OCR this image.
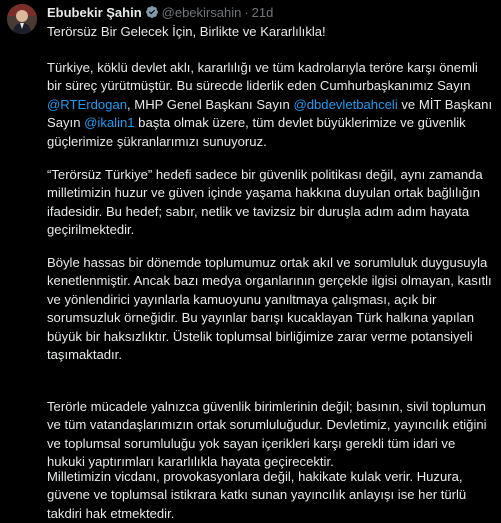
Ebubekir Şahin @ebekirsahin · 21d

Terörsüz Bir Gelecek İçin, Birlikte ve Kararlılıkla!

Türkiye, köklü devlet aklı, kararlılığı ve tüm kadrolarıyla teröre karşı önemli bir süreç yürütmüştür. Bu sürecde liderlik eden Cumhurbaşkanımız Sayın @RTErdogan, MHP Genel Başkanı Sayın @dbdevletbahceli ve MİT Başkanı Sayın @ikalin1 başta olmak üzere, tüm devlet büyüklerimize ve güvenlik güçlerimize şükranlarımızı sunuyoruz.

“Terörsüz Türkiye” hedefi sadece bir güvenlik politikası değil, aynı zamanda milletimizin huzur ve güven içinde yaşama hakkına duyulan ortak bağlılığın ifadesidir. Bu hedef; sabır, netlik ve tavizsiz bir duruşla adım adım hayata geçirilmektedir.

Böyle hassas bir dönemde toplumumuz ortak akıl ve sorumluluk duygusuyla kenetlenmiştir. Ancak bazı medya organlarının gerçekle ilgisi olmayan, kasıtlı ve yönlendirici yayınlarla kamuoyunu yanıltmaya çalışması, açık bir sorumsuzluk örneğidir. Bu yayınlar barışı kucaklayan Türk halkına yapılan büyük bir haksızlıktır. Üstelik toplumsal birliğimize zarar verme potansiyeli taşımaktadır.

Terörle mücadele yalnızca güvenlik birimlerinin değil; basının, sivil toplumun ve tüm vatandaşlarımızın ortak sorumluluğudur. Devletimiz, yayıncılık etiğini ve toplumsal sorumluluğu yok sayan içerikleri karşı gerekli tüm idari ve hukuki yaptırımları kararlılıkla hayata geçirecektir.

Milletimizin vicdanı, provokasyonlara değil, hakikate kulak verir. Huzura, güvene ve toplumsal istikrara katkı sunan yayıncılık anlayışı ise her türlü takdiri hak etmektedir.
